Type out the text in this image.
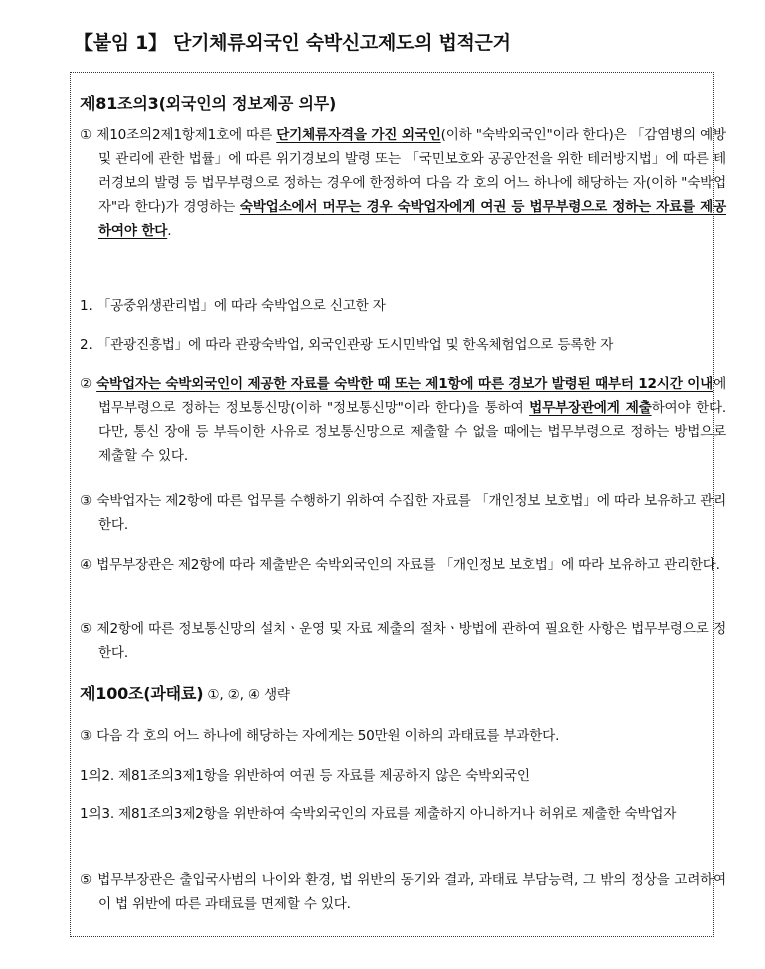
【붙임 1】 단기체류외국인 숙박신고제도의 법적근거
제81조의3(외국인의 정보제공 의무)

① 제10조의2제1항제1호에 따른 단기체류자격을 가진 외국인(이하 "숙박외국인"이라 한다)은 「감염병의 예방 및 관리에 관한 법률」에 따른 위기경보의 발령 또는 「국민보호와 공공안전을 위한 테러방지법」에 따른 테러경보의 발령 등 법무부령으로 정하는 경우에 한정하여 다음 각 호의 어느 하나에 해당하는 자(이하 "숙박업자"라 한다)가 경영하는 숙박업소에서 머무는 경우 숙박업자에게 여권 등 법무부령으로 정하는 자료를 제공하여야 한다.

1. 「공중위생관리법」에 따라 숙박업으로 신고한 자
2. 「관광진흥법」에 따라 관광숙박업, 외국인관광 도시민박업 및 한옥체험업으로 등록한 자

② 숙박업자는 숙박외국인이 제공한 자료를 숙박한 때 또는 제1항에 따른 경보가 발령된 때부터 12시간 이내에 법무부령으로 정하는 정보통신망(이하 "정보통신망"이라 한다)을 통하여 법무부장관에게 제출하여야 한다. 다만, 통신 장애 등 부득이한 사유로 정보통신망으로 제출할 수 없을 때에는 법무부령으로 정하는 방법으로 제출할 수 있다.

③ 숙박업자는 제2항에 따른 업무를 수행하기 위하여 수집한 자료를 「개인정보 보호법」에 따라 보유하고 관리한다.

④ 법무부장관은 제2항에 따라 제출받은 숙박외국인의 자료를 「개인정보 보호법」에 따라 보유하고 관리한다.

⑤ 제2항에 따른 정보통신망의 설치ㆍ운영 및 자료 제출의 절차ㆍ방법에 관하여 필요한 사항은 법무부령으로 정한다.

제100조(과태료) ①, ②, ④ 생략
③ 다음 각 호의 어느 하나에 해당하는 자에게는 50만원 이하의 과태료를 부과한다.
1의2. 제81조의3제1항을 위반하여 여권 등 자료를 제공하지 않은 숙박외국인

1의3. 제81조의3제2항을 위반하여 숙박외국인의 자료를 제출하지 아니하거나 허위로 제출한 숙박업자

⑤ 법무부장관은 출입국사범의 나이와 환경, 법 위반의 동기와 결과, 과태료 부담능력, 그 밖의 정상을 고려하여 이 법 위반에 따른 과태료를 면제할 수 있다.
